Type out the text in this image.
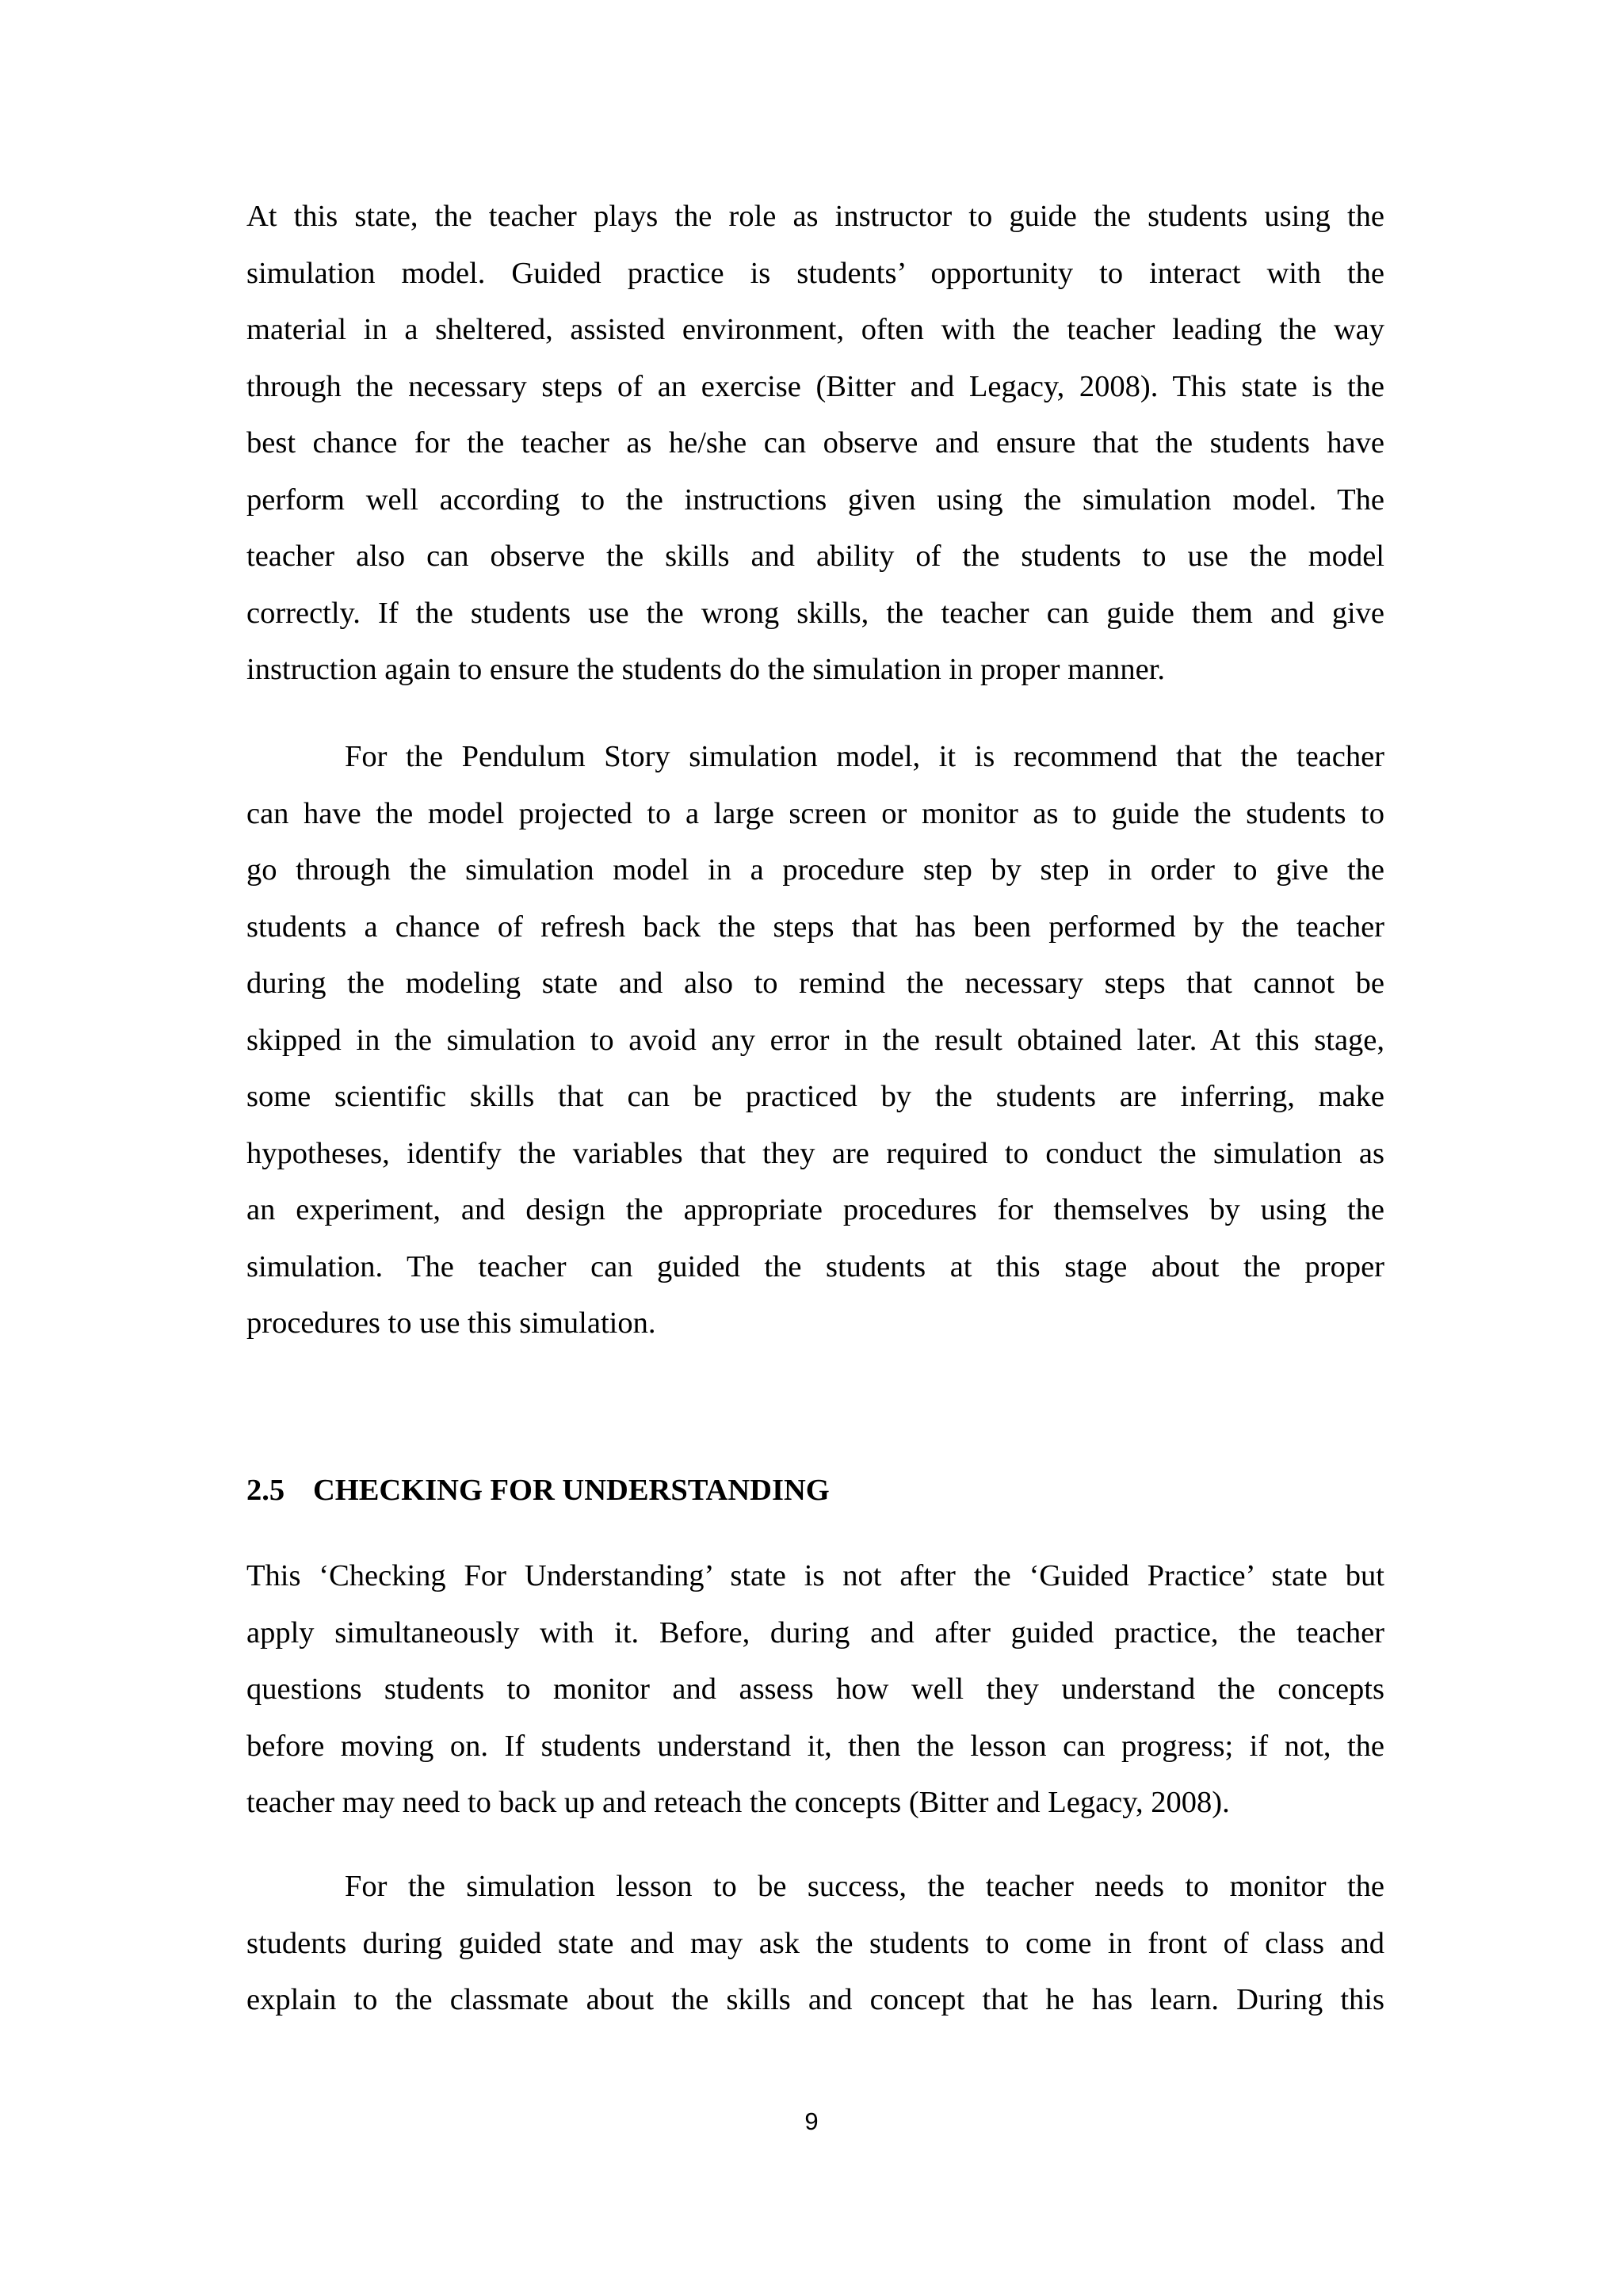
At this state, the teacher plays the role as instructor to guide the students using the
simulation model. Guided practice is students’ opportunity to interact with the
material in a sheltered, assisted environment, often with the teacher leading the way
through the necessary steps of an exercise (Bitter and Legacy, 2008). This state is the
best chance for the teacher as he/she can observe and ensure that the students have
perform well according to the instructions given using the simulation model. The
teacher also can observe the skills and ability of the students to use the model
correctly. If the students use the wrong skills, the teacher can guide them and give
instruction again to ensure the students do the simulation in proper manner.
For the Pendulum Story simulation model, it is recommend that the teacher
can have the model projected to a large screen or monitor as to guide the students to
go through the simulation model in a procedure step by step in order to give the
students a chance of refresh back the steps that has been performed by the teacher
during the modeling state and also to remind the necessary steps that cannot be
skipped in the simulation to avoid any error in the result obtained later. At this stage,
some scientific skills that can be practiced by the students are inferring, make
hypotheses, identify the variables that they are required to conduct the simulation as
an experiment, and design the appropriate procedures for themselves by using the
simulation. The teacher can guided the students at this stage about the proper
procedures to use this simulation.
2.5 CHECKING FOR UNDERSTANDING
This ‘Checking For Understanding’ state is not after the ‘Guided Practice’ state but
apply simultaneously with it. Before, during and after guided practice, the teacher
questions students to monitor and assess how well they understand the concepts
before moving on. If students understand it, then the lesson can progress; if not, the
teacher may need to back up and reteach the concepts (Bitter and Legacy, 2008).
For the simulation lesson to be success, the teacher needs to monitor the
students during guided state and may ask the students to come in front of class and
explain to the classmate about the skills and concept that he has learn. During this
9
